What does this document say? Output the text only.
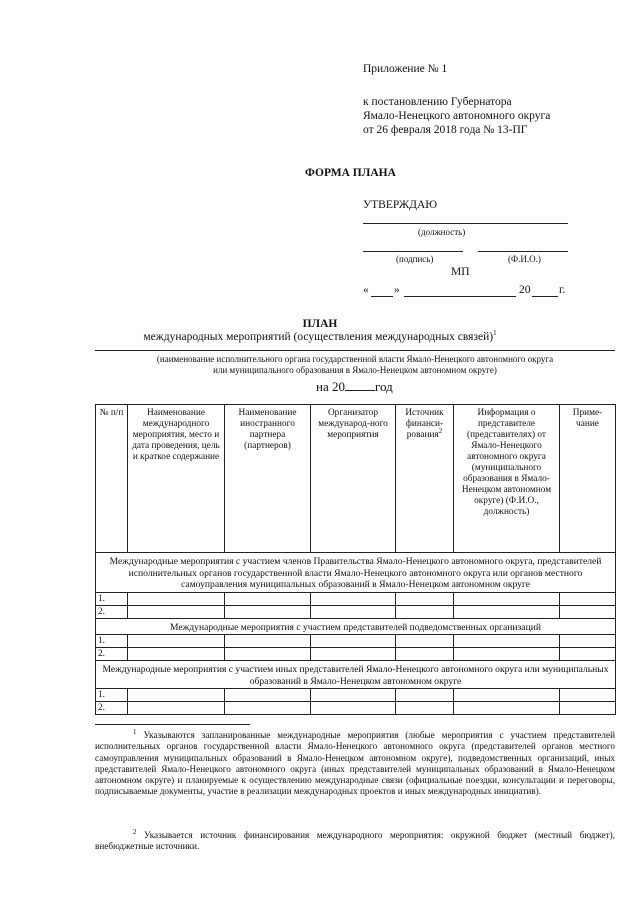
Приложение № 1
к постановлению Губернатора
Ямало-Ненецкого автономного округа
от 26 февраля 2018 года № 13-ПГ
ФОРМА ПЛАНА
УТВЕРЖДАЮ
(должность)
(подпись)	(Ф.И.О.)
МП
« »	20 г.
ПЛАН
международных мероприятий (осуществления международных связей)$^1$
(наименование исполнительного органа государственной власти Ямало-Ненецкого автономного округа
или муниципального образования в Ямало-Ненецком автономном округе)
на 20 год
№ п/п	Наименование международного мероприятия, место и дата проведения, цель и краткое содержание	Наименование иностранного партнера (партнеров)	Организатор международ-ного мероприятия	Источник финанси-рования$^2$	Информация о представителе (представителях) от Ямало-Ненецкого автономного округа (муниципального образования в Ямало-Ненецком автономном округе) (Ф.И.О., должность)	Приме-чание
Международные мероприятия с участием членов Правительства Ямало-Ненецкого автономного округа, представителей исполнительных органов государственной власти Ямало-Ненецкого автономного округа или органов местного самоуправления муниципальных образований в Ямало-Ненецком автономном округе						
1.						
2.						
Международные мероприятия с участием представителей подведомственных организаций						
1.						
2.						
Международные мероприятия с участием иных представителей Ямало-Ненецкого автономного округа или муниципальных образований в Ямало-Ненецком автономном округе						
1.						
2.						
$^1$ Указываются запланированные международные мероприятия (любые мероприятия с участием представителей исполнительных органов государственной власти Ямало-Ненецкого автономного округа (представителей органов местного самоуправления муниципальных образований в Ямало-Ненецком автономном округе), подведомственных организаций, иных представителей Ямало-Ненецкого автономного округа (иных представителей муниципальных образований в Ямало-Ненецком автономном округе) и планируемые к осуществлению международные связи (официальные поездки, консультации и переговоры, подписываемые документы, участие в реализации международных проектов и иных международных инициатив).
$^2$ Указывается источник финансирования международного мероприятия: окружной бюджет (местный бюджет), внебюджетные источники.
